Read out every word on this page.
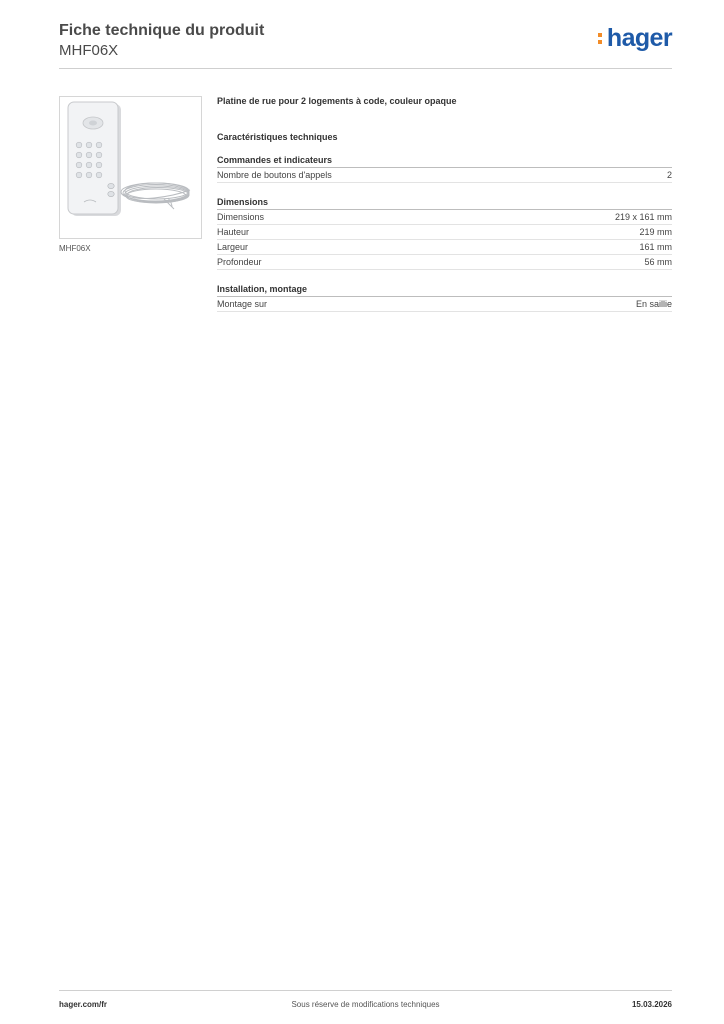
Fiche technique du produit
MHF06X	hager
MHF06X
Platine de rue pour 2 logements à code, couleur opaque
Caractéristiques techniques
Commandes et indicateurs
Nombre de boutons d'appels	2
Dimensions
Dimensions	219 x 161 mm
Hauteur	219 mm
Largeur	161 mm
Profondeur	56 mm
Installation, montage
Montage sur	En saillie
hager.com/fr	Sous réserve de modifications techniques	15.03.2026
